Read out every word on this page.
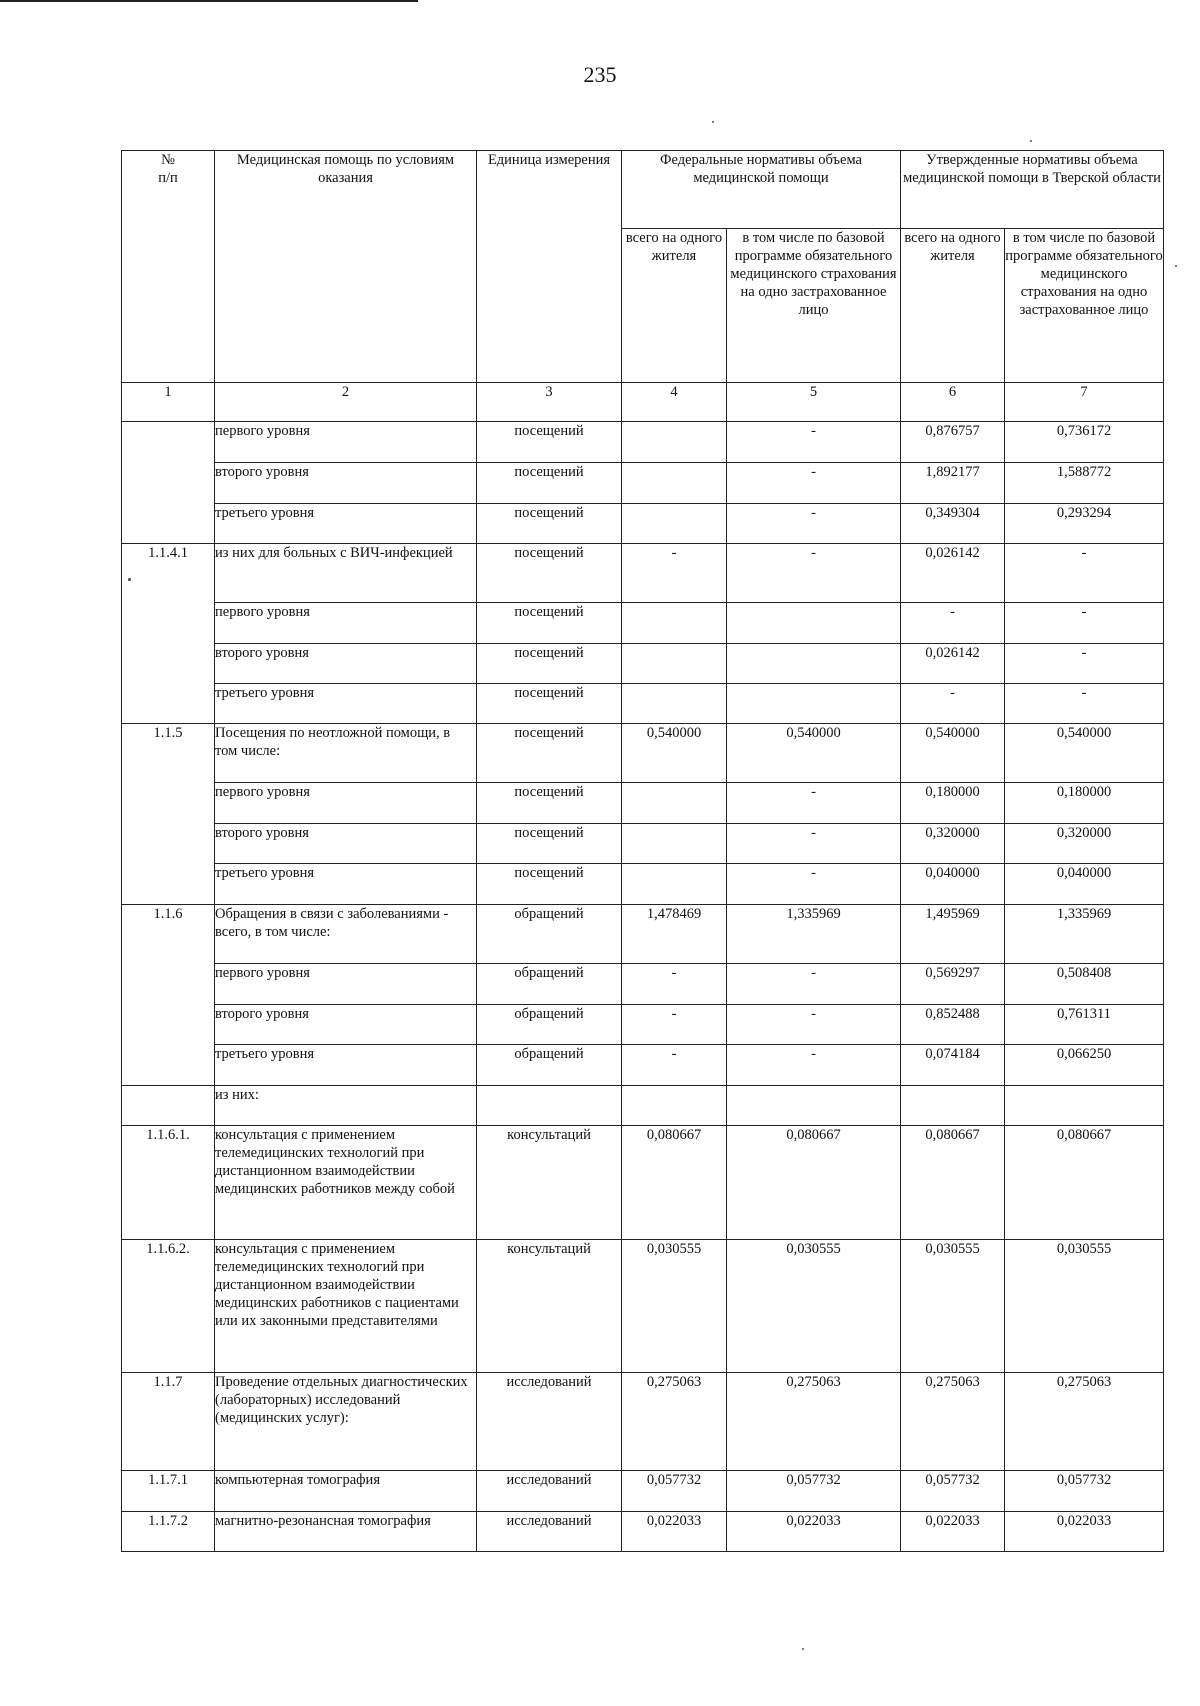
235
№
п/п	Медицинская помощь по условиям оказания	Единица измерения	Федеральные нормативы объема медицинской помощи		Утвержденные нормативы объема медицинской помощи в Тверской области	
			всего на одного жителя	в том числе по базовой программе обязательного медицинского страхования на одно застрахованное лицо	всего на одного жителя	в том числе по базовой программе обязательного медицинского страхования на одно застрахованное лицо
1	2	3	4	5	6	7
	первого уровня	посещений		-	0,876757	0,736172
	второго уровня	посещений		-	1,892177	1,588772
	третьего уровня	посещений		-	0,349304	0,293294
1.1.4.1	из них для больных с ВИЧ-инфекцией	посещений	-	-	0,026142	-
	первого уровня	посещений			-	-
	второго уровня	посещений			0,026142	-
	третьего уровня	посещений			-	-
1.1.5	Посещения по неотложной помощи, в том числе:	посещений	0,540000	0,540000	0,540000	0,540000
	первого уровня	посещений		-	0,180000	0,180000
	второго уровня	посещений		-	0,320000	0,320000
	третьего уровня	посещений		-	0,040000	0,040000
1.1.6	Обращения в связи с заболеваниями - всего, в том числе:	обращений	1,478469	1,335969	1,495969	1,335969
	первого уровня	обращений	-	-	0,569297	0,508408
	второго уровня	обращений	-	-	0,852488	0,761311
	третьего уровня	обращений	-	-	0,074184	0,066250
	из них:					
1.1.6.1.	консультация с применением телемедицинских технологий при дистанционном взаимодействии медицинских работников между собой	консультаций	0,080667	0,080667	0,080667	0,080667
1.1.6.2.	консультация с применением телемедицинских технологий при дистанционном взаимодействии медицинских работников с пациентами или их законными представителями	консультаций	0,030555	0,030555	0,030555	0,030555
1.1.7	Проведение отдельных диагностических (лабораторных) исследований (медицинских услуг):	исследований	0,275063	0,275063	0,275063	0,275063
1.1.7.1	компьютерная томография	исследований	0,057732	0,057732	0,057732	0,057732
1.1.7.2	магнитно-резонансная томография	исследований	0,022033	0,022033	0,022033	0,022033
